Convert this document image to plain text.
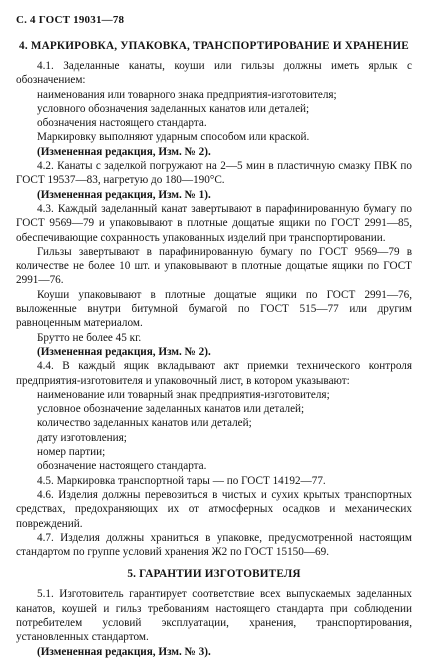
С. 4 ГОСТ 19031—78
4. МАРКИРОВКА, УПАКОВКА, ТРАНСПОРТИРОВАНИЕ И ХРАНЕНИЕ

4.1. Заделанные канаты, коуши или гильзы должны иметь ярлык с обозначением:

наименования или товарного знака предприятия-изготовителя;

условного обозначения заделанных канатов или деталей;

обозначения настоящего стандарта.

Маркировку выполняют ударным способом или краской.

(Измененная редакция, Изм. № 2).

4.2. Канаты с заделкой погружают на 2—5 мин в пластичную смазку ПВК по ГОСТ 19537—83, нагретую до 180—190°С.

(Измененная редакция, Изм. № 1).

4.3. Каждый заделанный канат завертывают в парафинированную бумагу по ГОСТ 9569—79 и упаковывают в плотные дощатые ящики по ГОСТ 2991—85, обеспечивающие сохранность упакованных изделий при транспортировании.

Гильзы завертывают в парафинированную бумагу по ГОСТ 9569—79 в количестве не более 10 шт. и упаковывают в плотные дощатые ящики по ГОСТ 2991—76.

Коуши упаковывают в плотные дощатые ящики по ГОСТ 2991—76, выложенные внутри битумной бумагой по ГОСТ 515—77 или другим равноценным материалом.

Брутто не более 45 кг.

(Измененная редакция, Изм. № 2).

4.4. В каждый ящик вкладывают акт приемки технического контроля предприятия-изготовителя и упаковочный лист, в котором указывают:

наименование или товарный знак предприятия-изготовителя;

условное обозначение заделанных канатов или деталей;

количество заделанных канатов или деталей;

дату изготовления;

номер партии;

обозначение настоящего стандарта.

4.5. Маркировка транспортной тары — по ГОСТ 14192—77.

4.6. Изделия должны перевозиться в чистых и сухих крытых транспортных средствах, предохраняющих их от атмосферных осадков и механических повреждений.

4.7. Изделия должны храниться в упаковке, предусмотренной настоящим стандартом по группе условий хранения Ж2 по ГОСТ 15150—69.

5. ГАРАНТИИ ИЗГОТОВИТЕЛЯ

5.1. Изготовитель гарантирует соответствие всех выпускаемых заделанных канатов, коушей и гильз требованиям настоящего стандарта при соблюдении потребителем условий эксплуатации, хранения, транспортирования, установленных стандартом.

(Измененная редакция, Изм. № 3).
